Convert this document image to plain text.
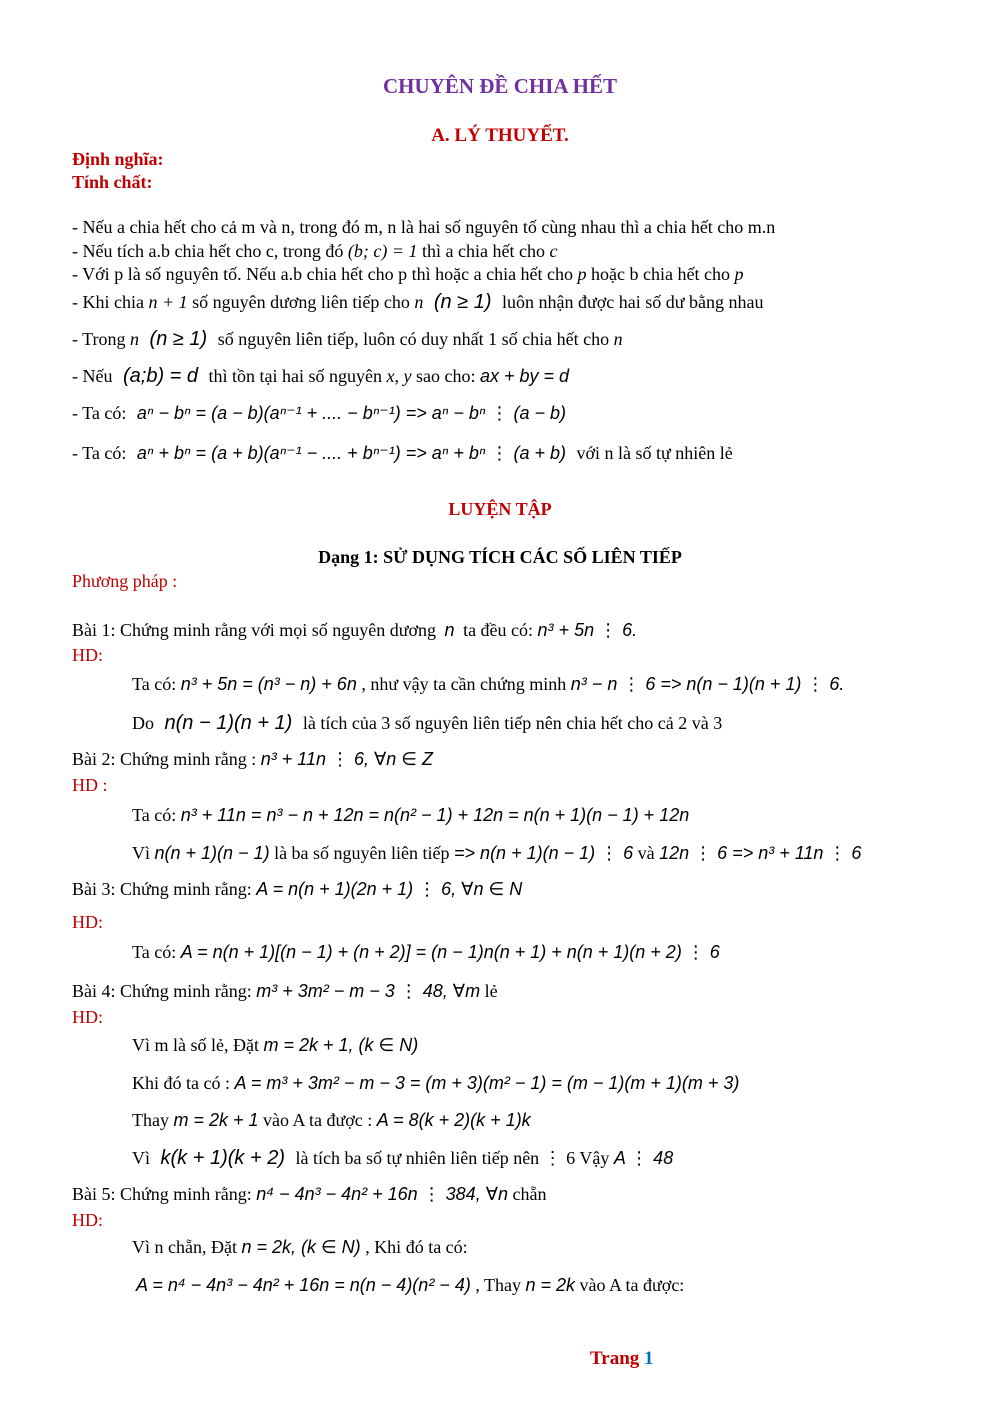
CHUYÊN ĐỀ CHIA HẾT
A. LÝ THUYẾT.
Định nghĩa:
Tính chất:
- Nếu a chia hết cho cả m và n, trong đó m, n là hai số nguyên tố cùng nhau thì a chia hết cho m.n
- Nếu tích a.b chia hết cho c, trong đó (b; c) = 1 thì a chia hết cho c
- Với p là số nguyên tố. Nếu a.b chia hết cho p thì hoặc a chia hết cho p hoặc b chia hết cho p
- Khi chia n + 1 số nguyên dương liên tiếp cho n (n ≥ 1) luôn nhận được hai số dư bằng nhau
- Trong n (n ≥ 1) số nguyên liên tiếp, luôn có duy nhất 1 số chia hết cho n
- Nếu (a;b) = d thì tồn tại hai số nguyên x, y sao cho: ax + by = d
- Ta có: aⁿ − bⁿ = (a − b)(aⁿ⁻¹ + .... − bⁿ⁻¹) => aⁿ − bⁿ ⋮ (a − b)
- Ta có: aⁿ + bⁿ = (a + b)(aⁿ⁻¹ − .... + bⁿ⁻¹) => aⁿ + bⁿ ⋮ (a + b) với n là số tự nhiên lẻ
LUYỆN TẬP
Dạng 1: SỬ DỤNG TÍCH CÁC SỐ LIÊN TIẾP
Phương pháp :
Bài 1: Chứng minh rằng với mọi số nguyên dương n ta đều có: n³ + 5n ⋮ 6.
HD:
Ta có: n³ + 5n = (n³ − n) + 6n , như vậy ta cần chứng minh n³ − n ⋮ 6 => n(n − 1)(n + 1) ⋮ 6.
Do n(n − 1)(n + 1) là tích của 3 số nguyên liên tiếp nên chia hết cho cả 2 và 3
Bài 2: Chứng minh rằng : n³ + 11n ⋮ 6, ∀n ∈ Z
HD :
Ta có: n³ + 11n = n³ − n + 12n = n(n² − 1) + 12n = n(n + 1)(n − 1) + 12n
Vì n(n + 1)(n − 1) là ba số nguyên liên tiếp => n(n + 1)(n − 1) ⋮ 6 và 12n ⋮ 6 => n³ + 11n ⋮ 6
Bài 3: Chứng minh rằng: A = n(n + 1)(2n + 1) ⋮ 6, ∀n ∈ N
HD:
Ta có: A = n(n + 1)[(n − 1) + (n + 2)] = (n − 1)n(n + 1) + n(n + 1)(n + 2) ⋮ 6
Bài 4: Chứng minh rằng: m³ + 3m² − m − 3 ⋮ 48, ∀m lẻ
HD:
Vì m là số lẻ, Đặt m = 2k + 1, (k ∈ N)
Khi đó ta có : A = m³ + 3m² − m − 3 = (m + 3)(m² − 1) = (m − 1)(m + 1)(m + 3)
Thay m = 2k + 1 vào A ta được : A = 8(k + 2)(k + 1)k
Vì k(k + 1)(k + 2) là tích ba số tự nhiên liên tiếp nên ⋮ 6 Vậy A ⋮ 48
Bài 5: Chứng minh rằng: n⁴ − 4n³ − 4n² + 16n ⋮ 384, ∀n chẵn
HD:
Vì n chẵn, Đặt n = 2k, (k ∈ N) , Khi đó ta có:
A = n⁴ − 4n³ − 4n² + 16n = n(n − 4)(n² − 4) , Thay n = 2k vào A ta được:
Trang 1
